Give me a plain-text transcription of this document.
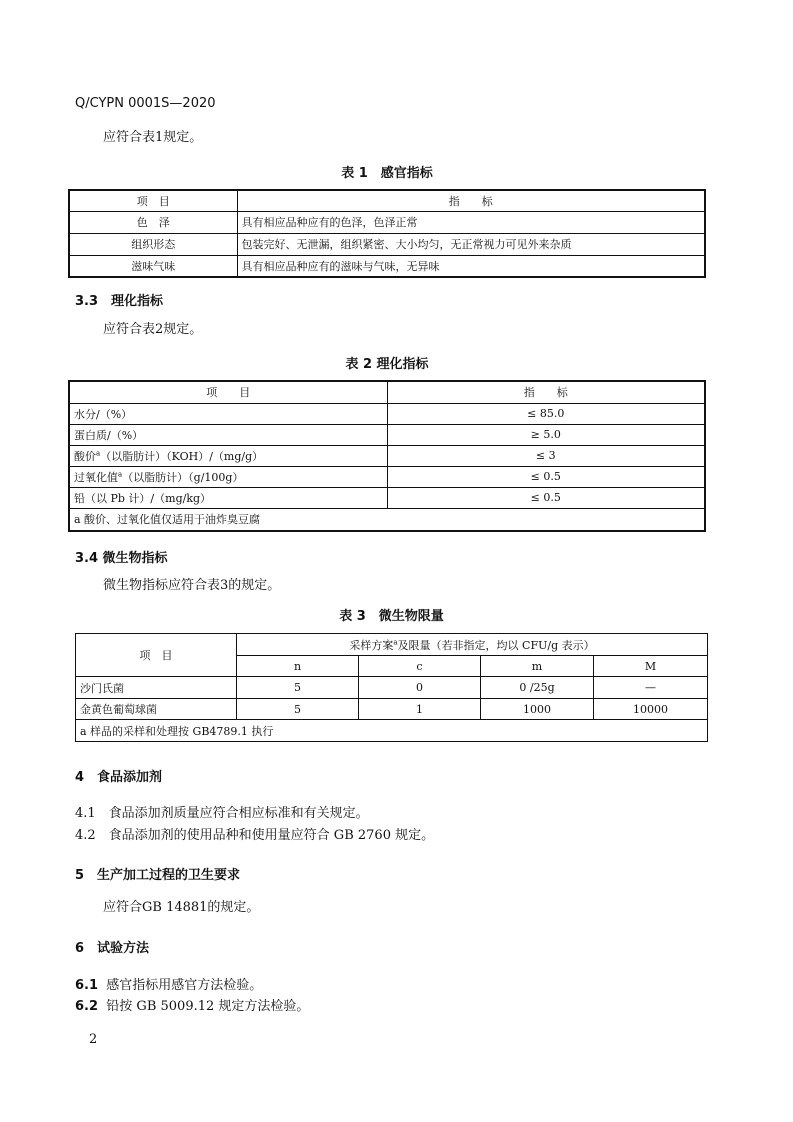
Q/CYPN 0001S—2020
应符合表1规定。
表 1　感官指标
项　目	指　　标
色　泽	具有相应品种应有的色泽，色泽正常
组织形态	包装完好、无泄漏，组织紧密、大小均匀，无正常视力可见外来杂质
滋味气味	具有相应品种应有的滋味与气味，无异味
3.3　理化指标
应符合表2规定。
表 2 理化指标
项　　目	指　　标
水分/（%）	≤ 85.0
蛋白质/（%）	≥ 5.0
酸价$^a$（以脂肪计）（KOH）/（mg/g）	≤ 3
过氧化值$^a$（以脂肪计）（g/100g）	≤ 0.5
铅（以 Pb 计）/（mg/kg）	≤ 0.5
a 酸价、过氧化值仅适用于油炸臭豆腐	
3.4 微生物指标
微生物指标应符合表3的规定。
表 3　微生物限量
项　目	采样方案$^a$及限量（若非指定，均以 CFU/g 表示）			
	n	c	m	M
沙门氏菌	5	0	0 /25g	—
金黄色葡萄球菌	5	1	1000	10000
a 样品的采样和处理按 GB4789.1 执行				
4　食品添加剂
4.1　食品添加剂质量应符合相应标准和有关规定。
4.2　食品添加剂的使用品种和使用量应符合 GB 2760 规定。
5　生产加工过程的卫生要求
应符合GB 14881的规定。
6　试验方法
6.1 感官指标用感官方法检验。
6.2 铅按 GB 5009.12 规定方法检验。
2
